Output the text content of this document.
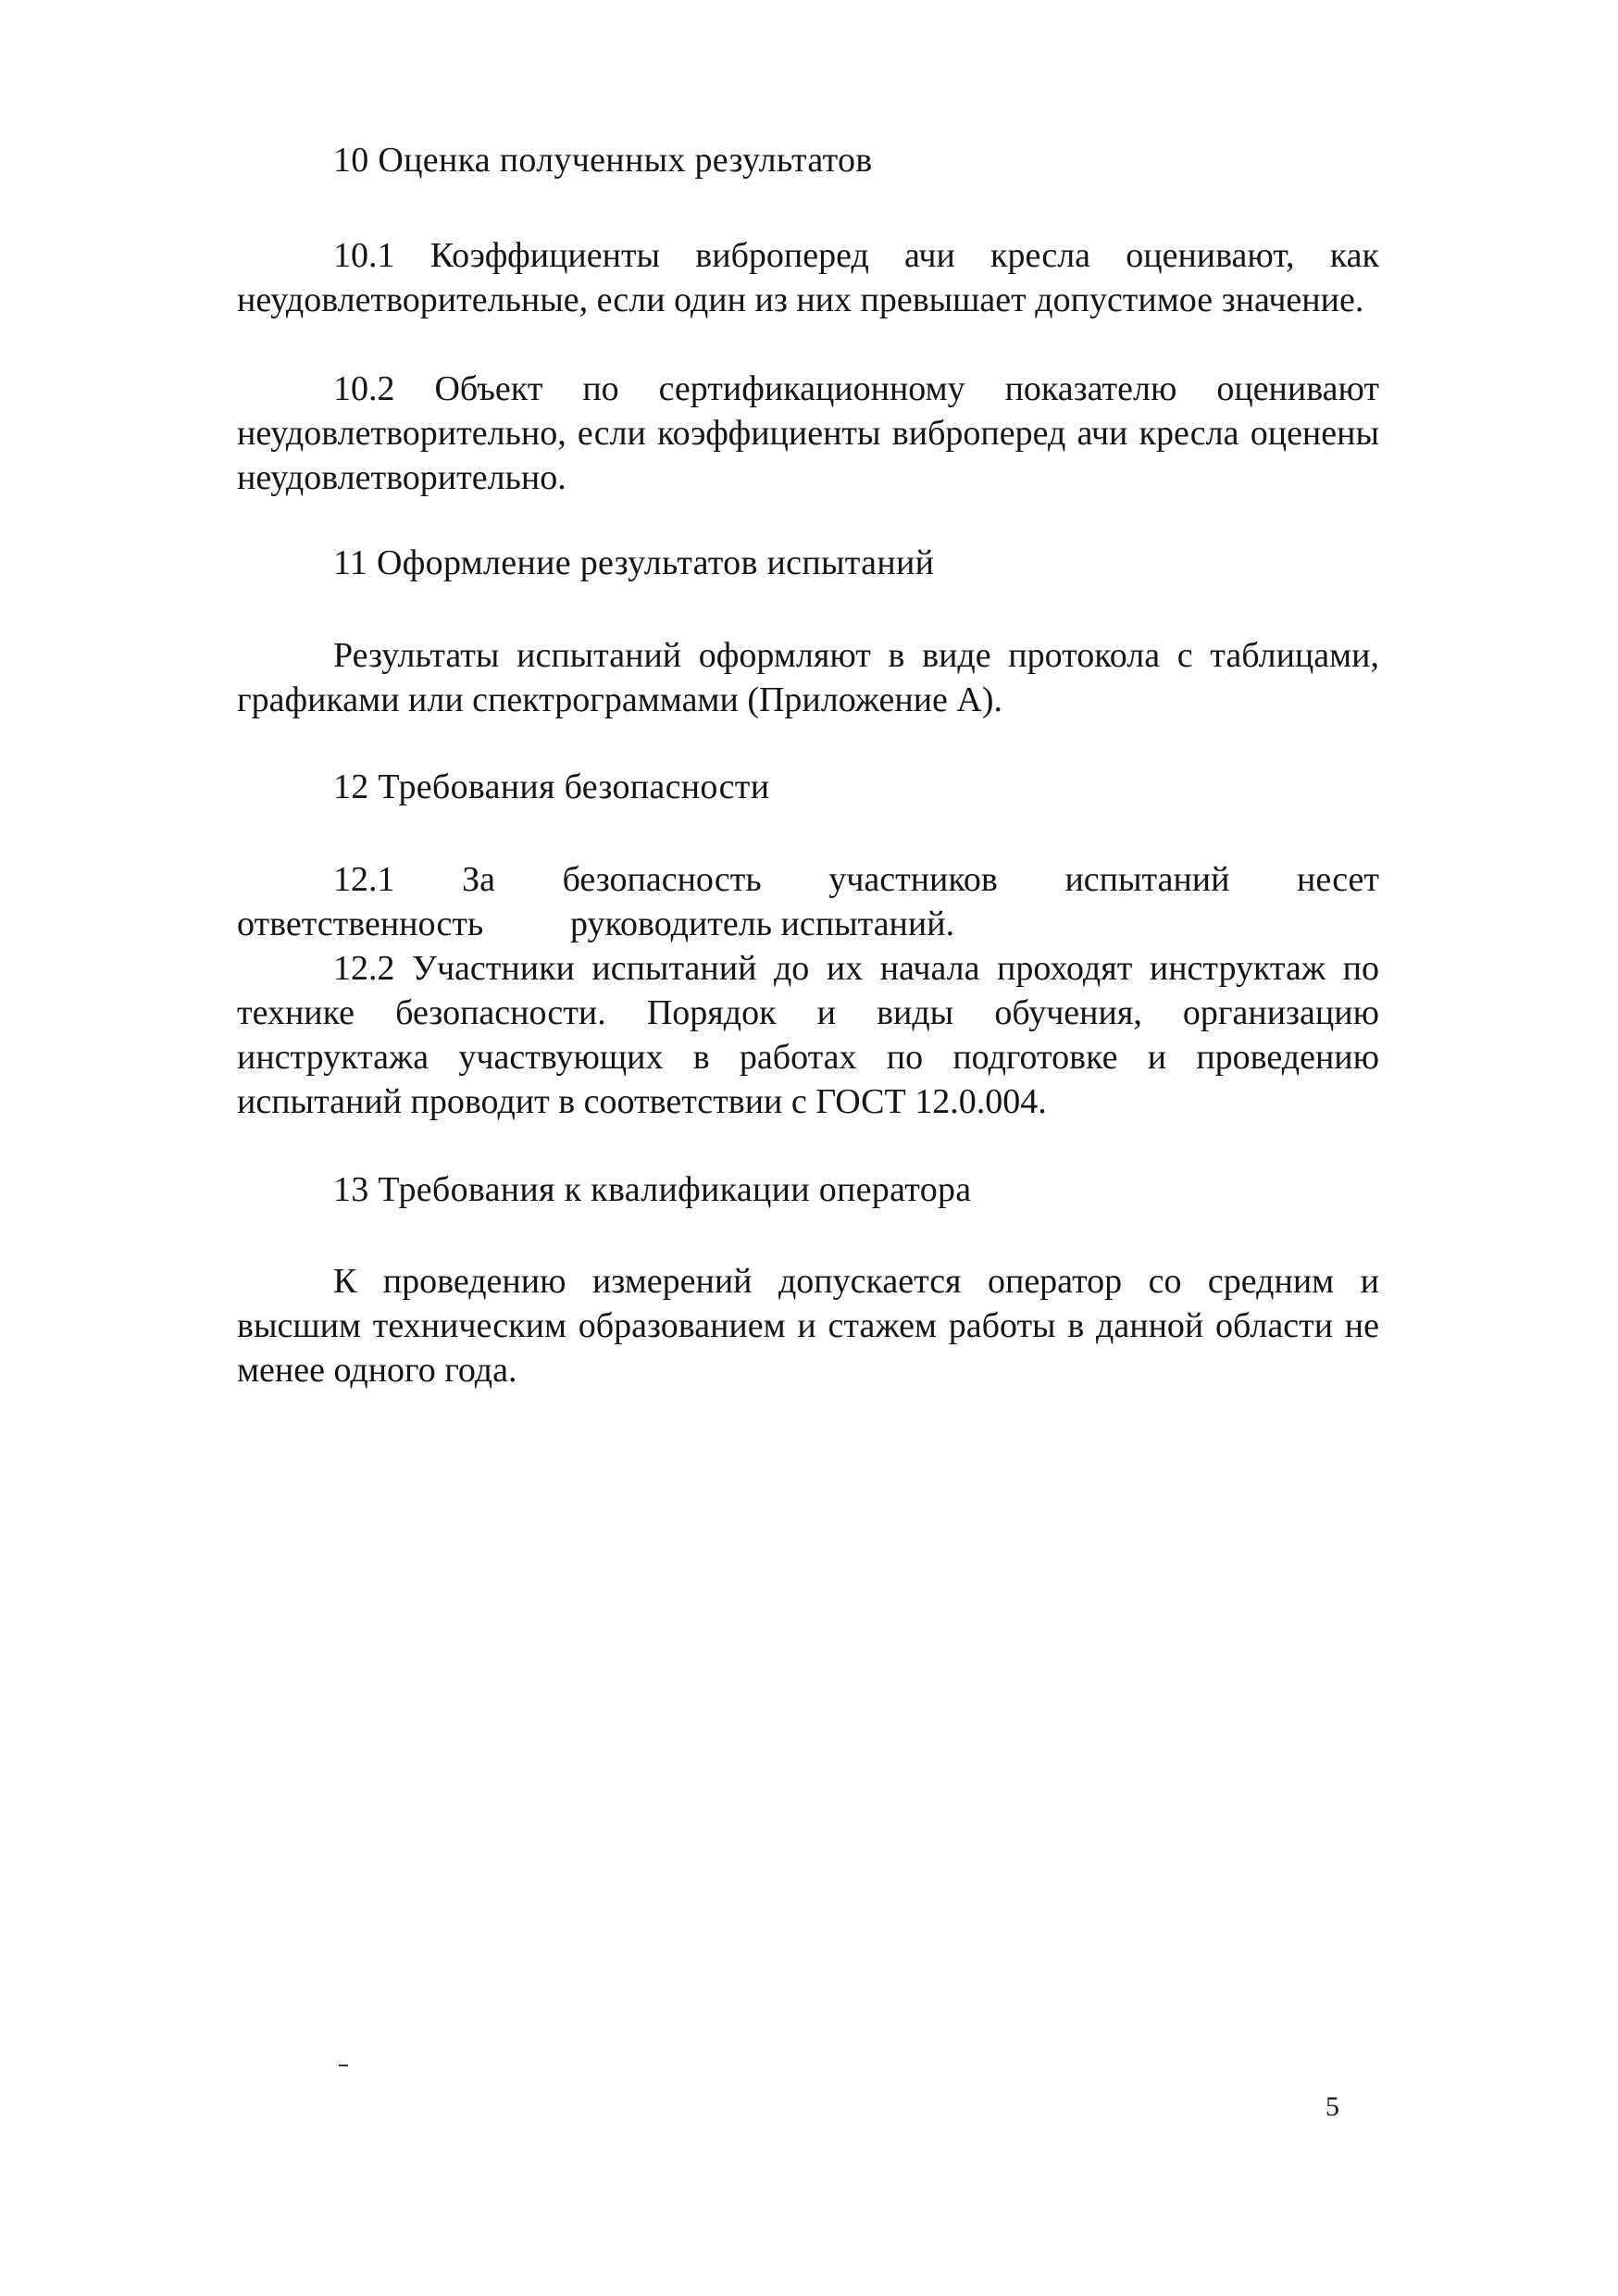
10 Оценка полученных результатов

10.1 Коэффициенты виброперед ачи кресла оценивают, как неудовлетворительные, если один из них превышает допустимое значение.

10.2 Объект по сертификационному показателю оценивают неудовлетворительно, если коэффициенты виброперед ачи кресла оценены неудовлетворительно.

11 Оформление результатов испытаний

Результаты испытаний оформляют в виде протокола с таблицами, графиками или спектрограммами (Приложение А).

12 Требования безопасности

12.1 За безопасность участников испытаний несет

ответственность руководитель испытаний.

12.2 Участники испытаний до их начала проходят инструктаж по технике безопасности. Порядок и виды обучения, организацию инструктажа участвующих в работах по подготовке и проведению испытаний проводит в соответствии с ГОСТ 12.0.004.

13 Требования к квалификации оператора

К проведению измерений допускается оператор со средним и высшим техническим образованием и стажем работы в данной области не менее одного года.

5
